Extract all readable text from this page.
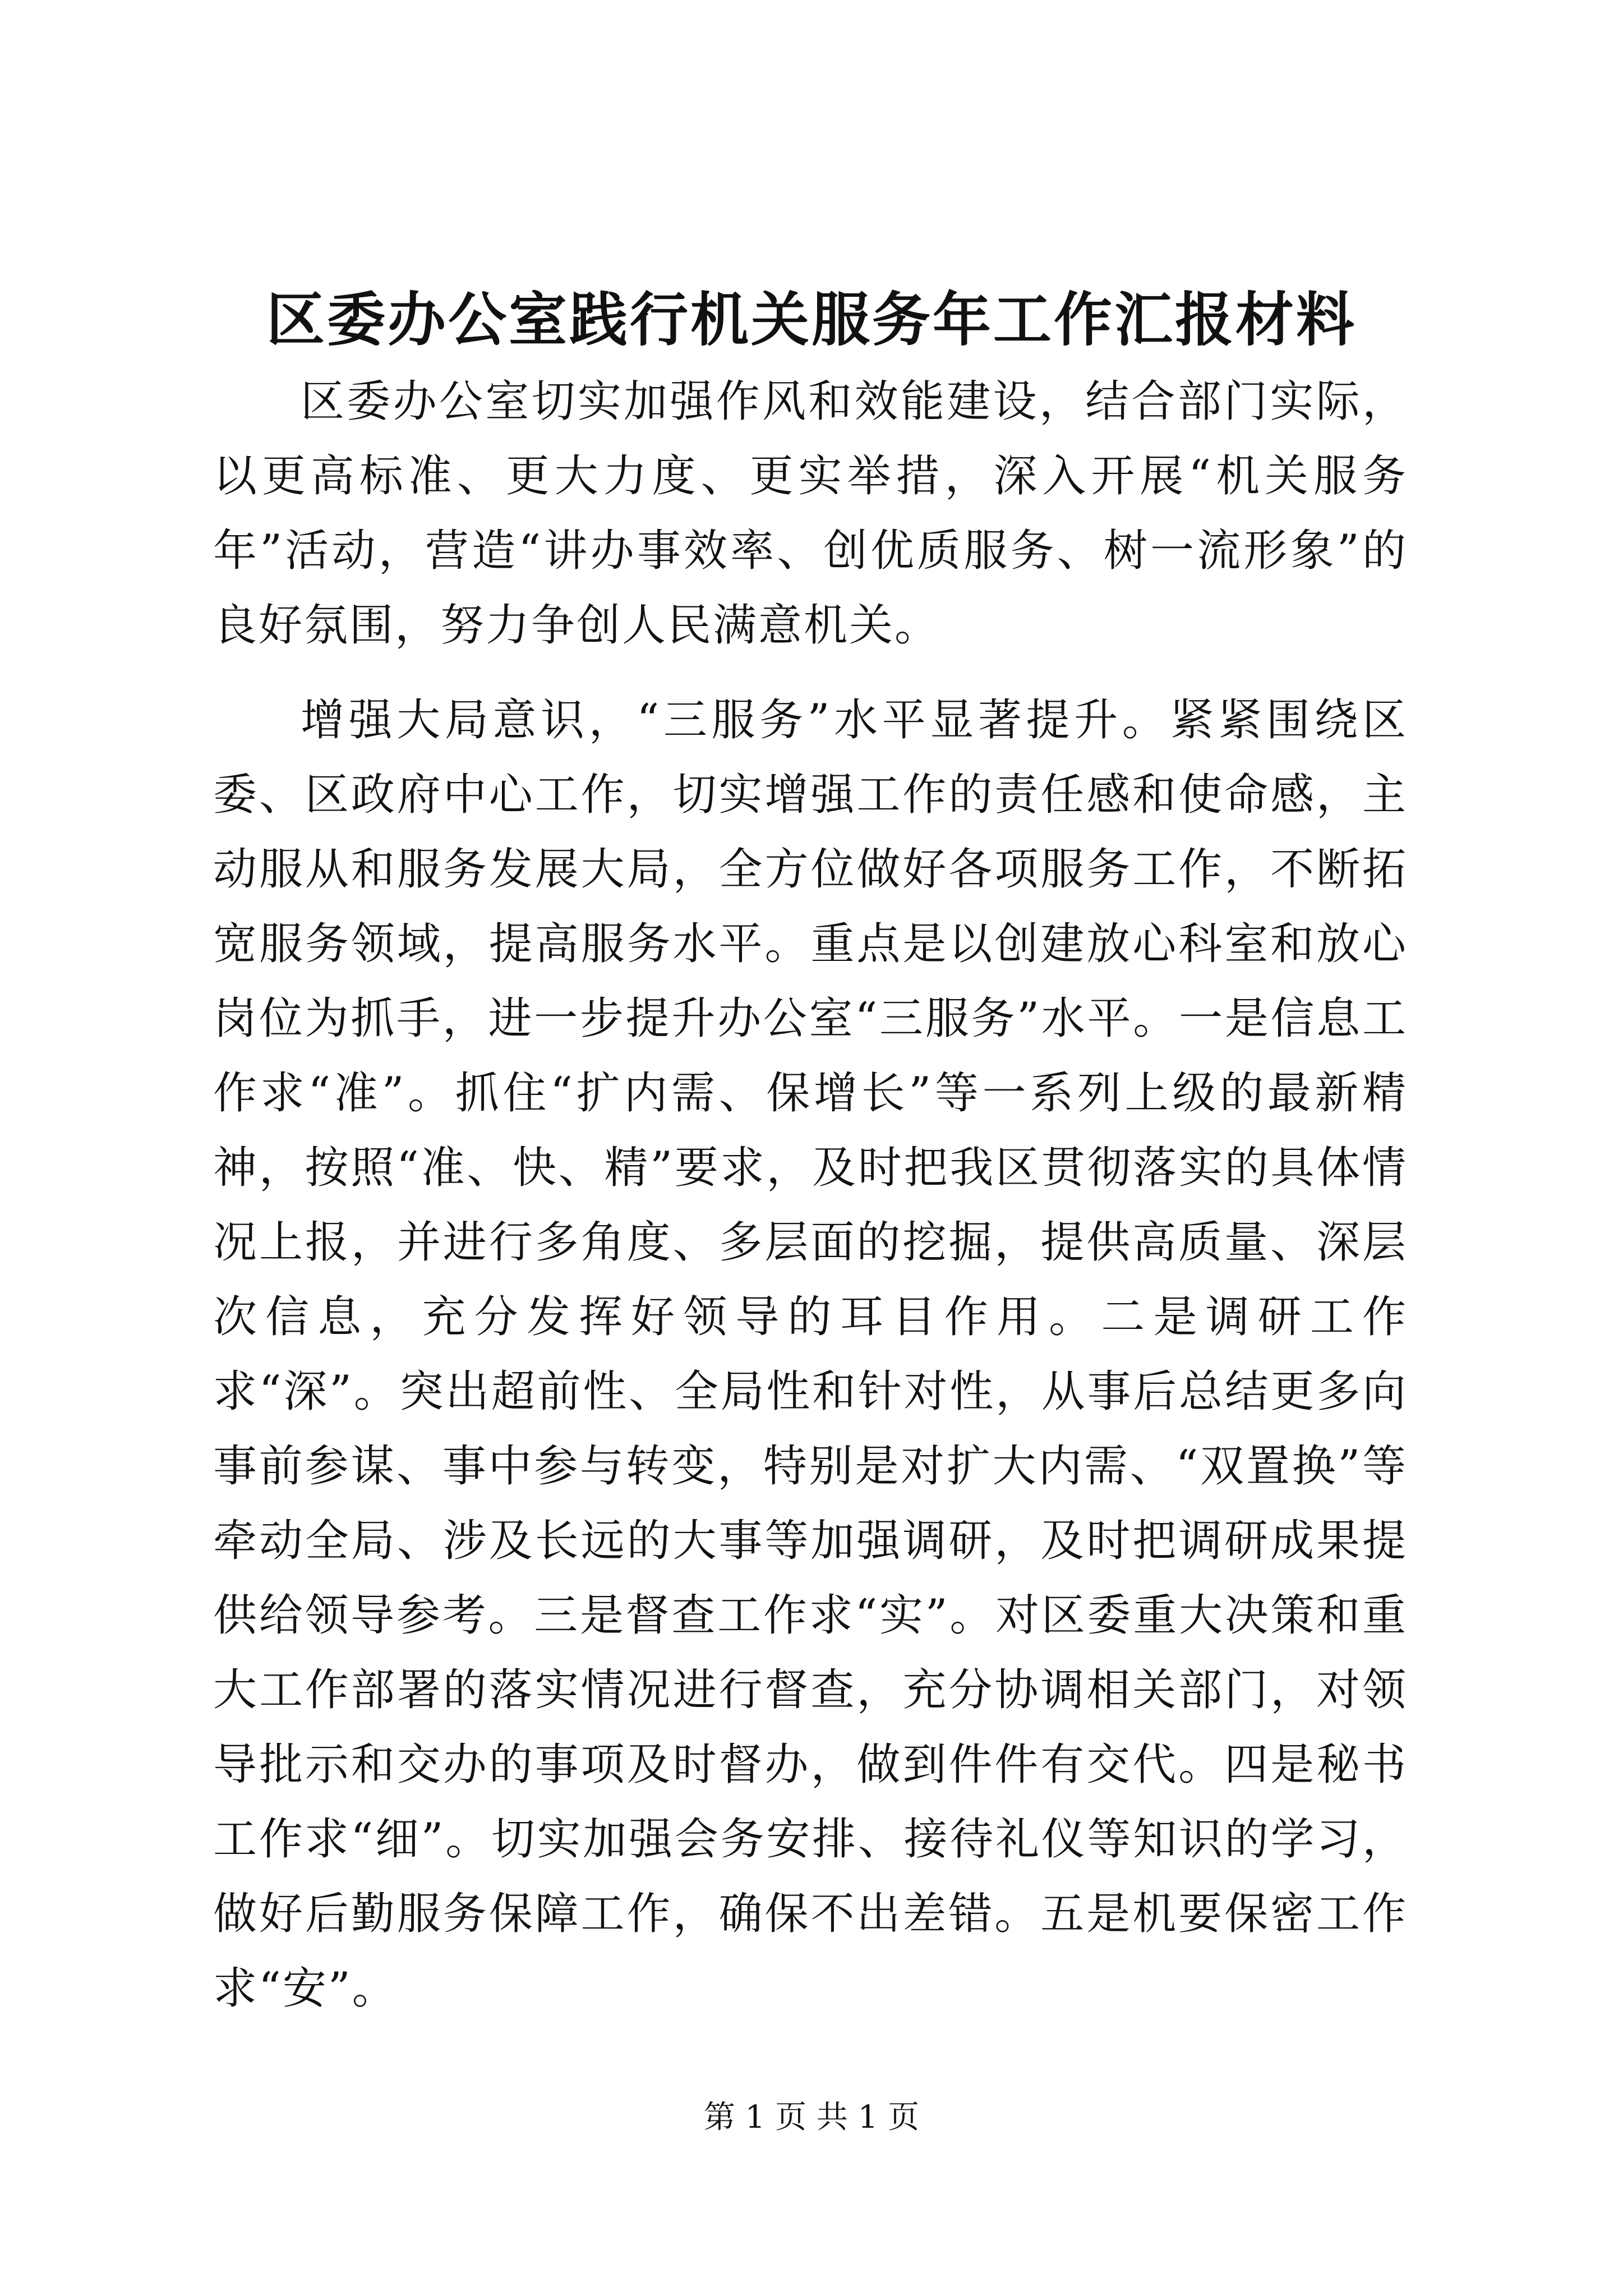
区委办公室践行机关服务年工作汇报材料

区委办公室切实加强作风和效能建设，结合部门实际，以更高标准、更大力度、更实举措，深入开展“机关服务年”活动，营造“讲办事效率、创优质服务、树一流形象”的良好氛围，努力争创人民满意机关。

增强大局意识，“三服务”水平显著提升。紧紧围绕区委、区政府中心工作，切实增强工作的责任感和使命感，主动服从和服务发展大局，全方位做好各项服务工作，不断拓宽服务领域，提高服务水平。重点是以创建放心科室和放心岗位为抓手，进一步提升办公室“三服务”水平。一是信息工作求“准”。抓住“扩内需、保增长”等一系列上级的最新精神，按照“准、快、精”要求，及时把我区贯彻落实的具体情况上报，并进行多角度、多层面的挖掘，提供高质量、深层次信息，充分发挥好领导的耳目作用。二是调研工作求“深”。突出超前性、全局性和针对性，从事后总结更多向事前参谋、事中参与转变，特别是对扩大内需、“双置换”等牵动全局、涉及长远的大事等加强调研，及时把调研成果提供给领导参考。三是督查工作求“实”。对区委重大决策和重大工作部署的落实情况进行督查，充分协调相关部门，对领导批示和交办的事项及时督办，做到件件有交代。四是秘书工作求“细”。切实加强会务安排、接待礼仪等知识的学习，做好后勤服务保障工作，确保不出差错。五是机要保密工作求“安”。

第 1 页 共 1 页
